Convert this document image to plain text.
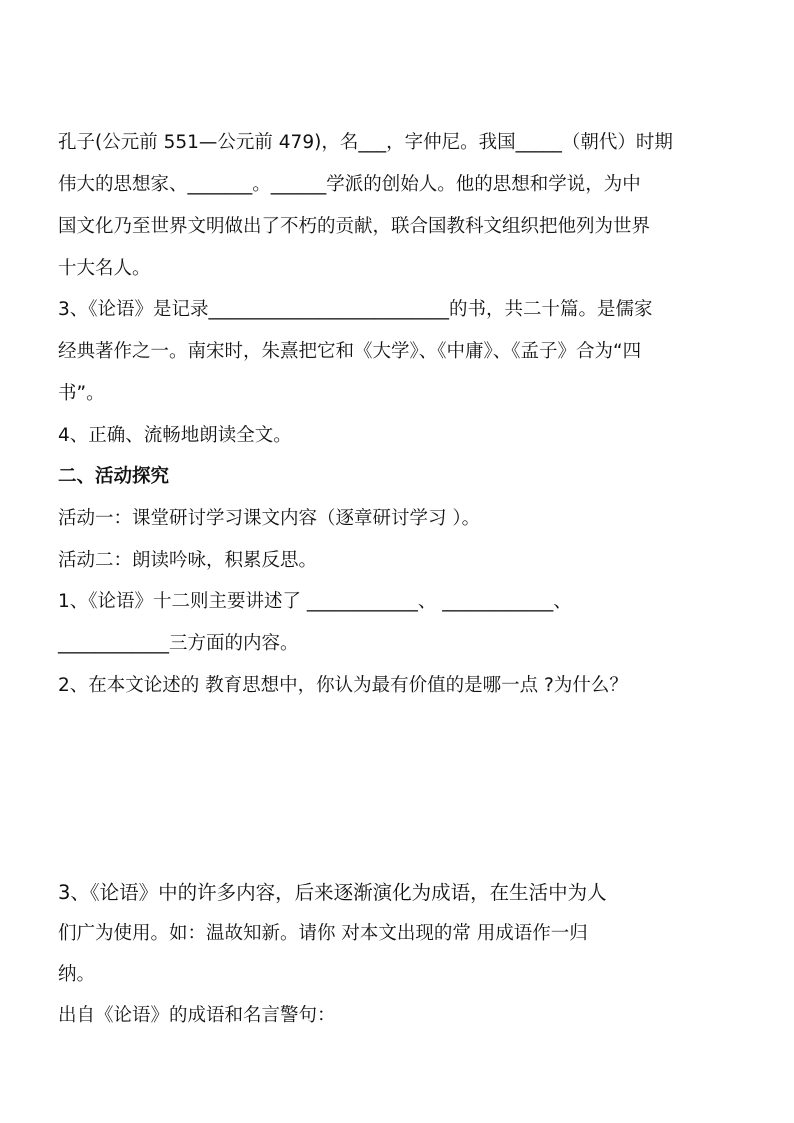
孔子(公元前 551—公元前 479)，名___，字仲尼。我国_____（朝代）时期
伟大的思想家、_______。______学派的创始人。他的思想和学说，为中
国文化乃至世界文明做出了不朽的贡献，联合国教科文组织把他列为世界
十大名人。
3、《论语》是记录__________________________的书，共二十篇。是儒家
经典著作之一。南宋时，朱熹把它和《大学》、《中庸》、《孟子》合为“四
书”。
4、正确、流畅地朗读全文。
二、活动探究
活动一：课堂研讨学习课文内容（逐章研讨学习 ）。
活动二：朗读吟咏，积累反思。
1、《论语》十二则主要讲述了 ____________、 ____________、
____________三方面的内容。
2、在本文论述的 教育思想中，你认为最有价值的是哪一点 ?为什么？
3、《论语》中的许多内容，后来逐渐演化为成语，在生活中为人
们广为使用。如：温故知新。请你 对本文出现的常 用成语作一归
纳。
出自《论语》的成语和名言警句：
